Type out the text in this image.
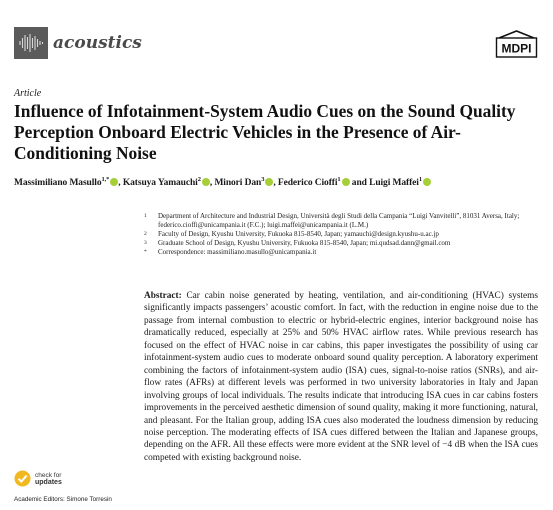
acoustics	MDPI
Article
Influence of Infotainment-System Audio Cues on the Sound Quality Perception Onboard Electric Vehicles in the Presence of Air-Conditioning Noise
Massimiliano Masullo$^{1,*}$ , Katsuya Yamauchi$^2$ , Minori Dan$^3$ , Federico Cioffi$^1$ and Luigi Maffei$^1$
1	Department of Architecture and Industrial Design, Università degli Studi della Campania “Luigi Vanvitelli”, 81031 Aversa, Italy; federico.cioffi@unicampania.it (F.C.); luigi.maffei@unicampania.it (L.M.)
2	Faculty of Design, Kyushu University, Fukuoka 815-8540, Japan; yamauchi@design.kyushu-u.ac.jp
3	Graduate School of Design, Kyushu University, Fukuoka 815-8540, Japan; mi.qudsad.dann@gmail.com
*	Correspondence: massimiliano.masullo@unicampania.it
Abstract: Car cabin noise generated by heating, ventilation, and air-conditioning (HVAC) systems significantly impacts passengers’ acoustic comfort. In fact, with the reduction in engine noise due to the passage from internal combustion to electric or hybrid-electric engines, interior background noise has dramatically reduced, especially at 25% and 50% HVAC airflow rates. While previous research has focused on the effect of HVAC noise in car cabins, this paper investigates the possibility of using car infotainment-system audio cues to moderate onboard sound quality perception. A laboratory experiment combining the factors of infotainment-system audio (ISA) cues, signal-to-noise ratios (SNRs), and air-flow rates (AFRs) at different levels was performed in two university laboratories in Italy and Japan involving groups of local individuals. The results indicate that introducing ISA cues in car cabins fosters improvements in the perceived aesthetic dimension of sound quality, making it more functioning, natural, and pleasant. For the Italian group, adding ISA cues also moderated the loudness dimension by reducing noise perception. The moderating effects of ISA cues differed between the Italian and Japanese groups, depending on the AFR. All these effects were more evident at the SNR level of −4 dB when the ISA cues competed with existing background noise.
check for
updates
Academic Editors: Simone Torresin
